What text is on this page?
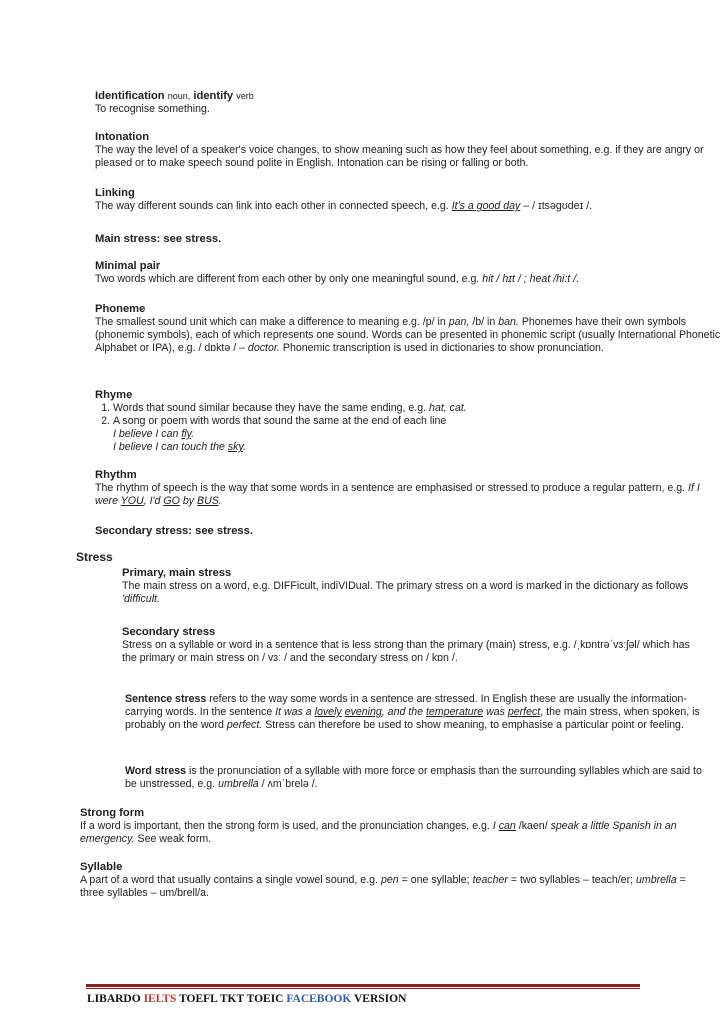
Identification noun, identify verb

To recognise something.

Intonation

The way the level of a speaker's voice changes, to show meaning such as how they feel about something, e.g. if they are angry or pleased or to make speech sound polite in English. Intonation can be rising or falling or both.

Linking

The way different sounds can link into each other in connected speech, e.g. It's a good day – / ɪtsəgʊdeɪ /.

Main stress: see stress.
Minimal pair

Two words which are different from each other by only one meaningful sound, e.g. hit / hɪt / ; heat /hi:t /.

Phoneme

The smallest sound unit which can make a difference to meaning e.g. /p/ in pan, /b/ in ban. Phonemes have their own symbols (phonemic symbols), each of which represents one sound. Words can be presented in phonemic script (usually International Phonetic Alphabet or IPA), e.g. / dɒktə / – doctor. Phonemic transcription is used in dictionaries to show pronunciation.

Rhyme
1. Words that sound similar because they have the same ending, e.g. hat, cat.
2. A song or poem with words that sound the same at the end of each line
I believe I can fly.
I believe I can touch the sky.
Rhythm

The rhythm of speech is the way that some words in a sentence are emphasised or stressed to produce a regular pattern, e.g. If I were YOU, I'd GO by BUS.

Secondary stress: see stress.
Stress
Primary, main stress

The main stress on a word, e.g. DIFFicult, indiVIDual. The primary stress on a word is marked in the dictionary as follows 'difficult.

Secondary stress

Stress on a syllable or word in a sentence that is less strong than the primary (main) stress, e.g. /ˌkɒntrəˈvɜːʃəl/ which has the primary or main stress on / vɜː / and the secondary stress on / kɒn /.

Sentence stress refers to the way some words in a sentence are stressed. In English these are usually the information-carrying words. In the sentence It was a lovely evening, and the temperature was perfect, the main stress, when spoken, is probably on the word perfect. Stress can therefore be used to show meaning, to emphasise a particular point or feeling.

Word stress is the pronunciation of a syllable with more force or emphasis than the surrounding syllables which are said to be unstressed, e.g. umbrella / ʌmˈbrelə /.

Strong form

If a word is important, then the strong form is used, and the pronunciation changes, e.g. I can /kaen/ speak a little Spanish in an emergency. See weak form.

Syllable

A part of a word that usually contains a single vowel sound, e.g. pen = one syllable; teacher = two syllables – teach/er; umbrella = three syllables – um/brell/a.

LIBARDO IELTS TOEFL TKT TOEIC FACEBOOK VERSION
